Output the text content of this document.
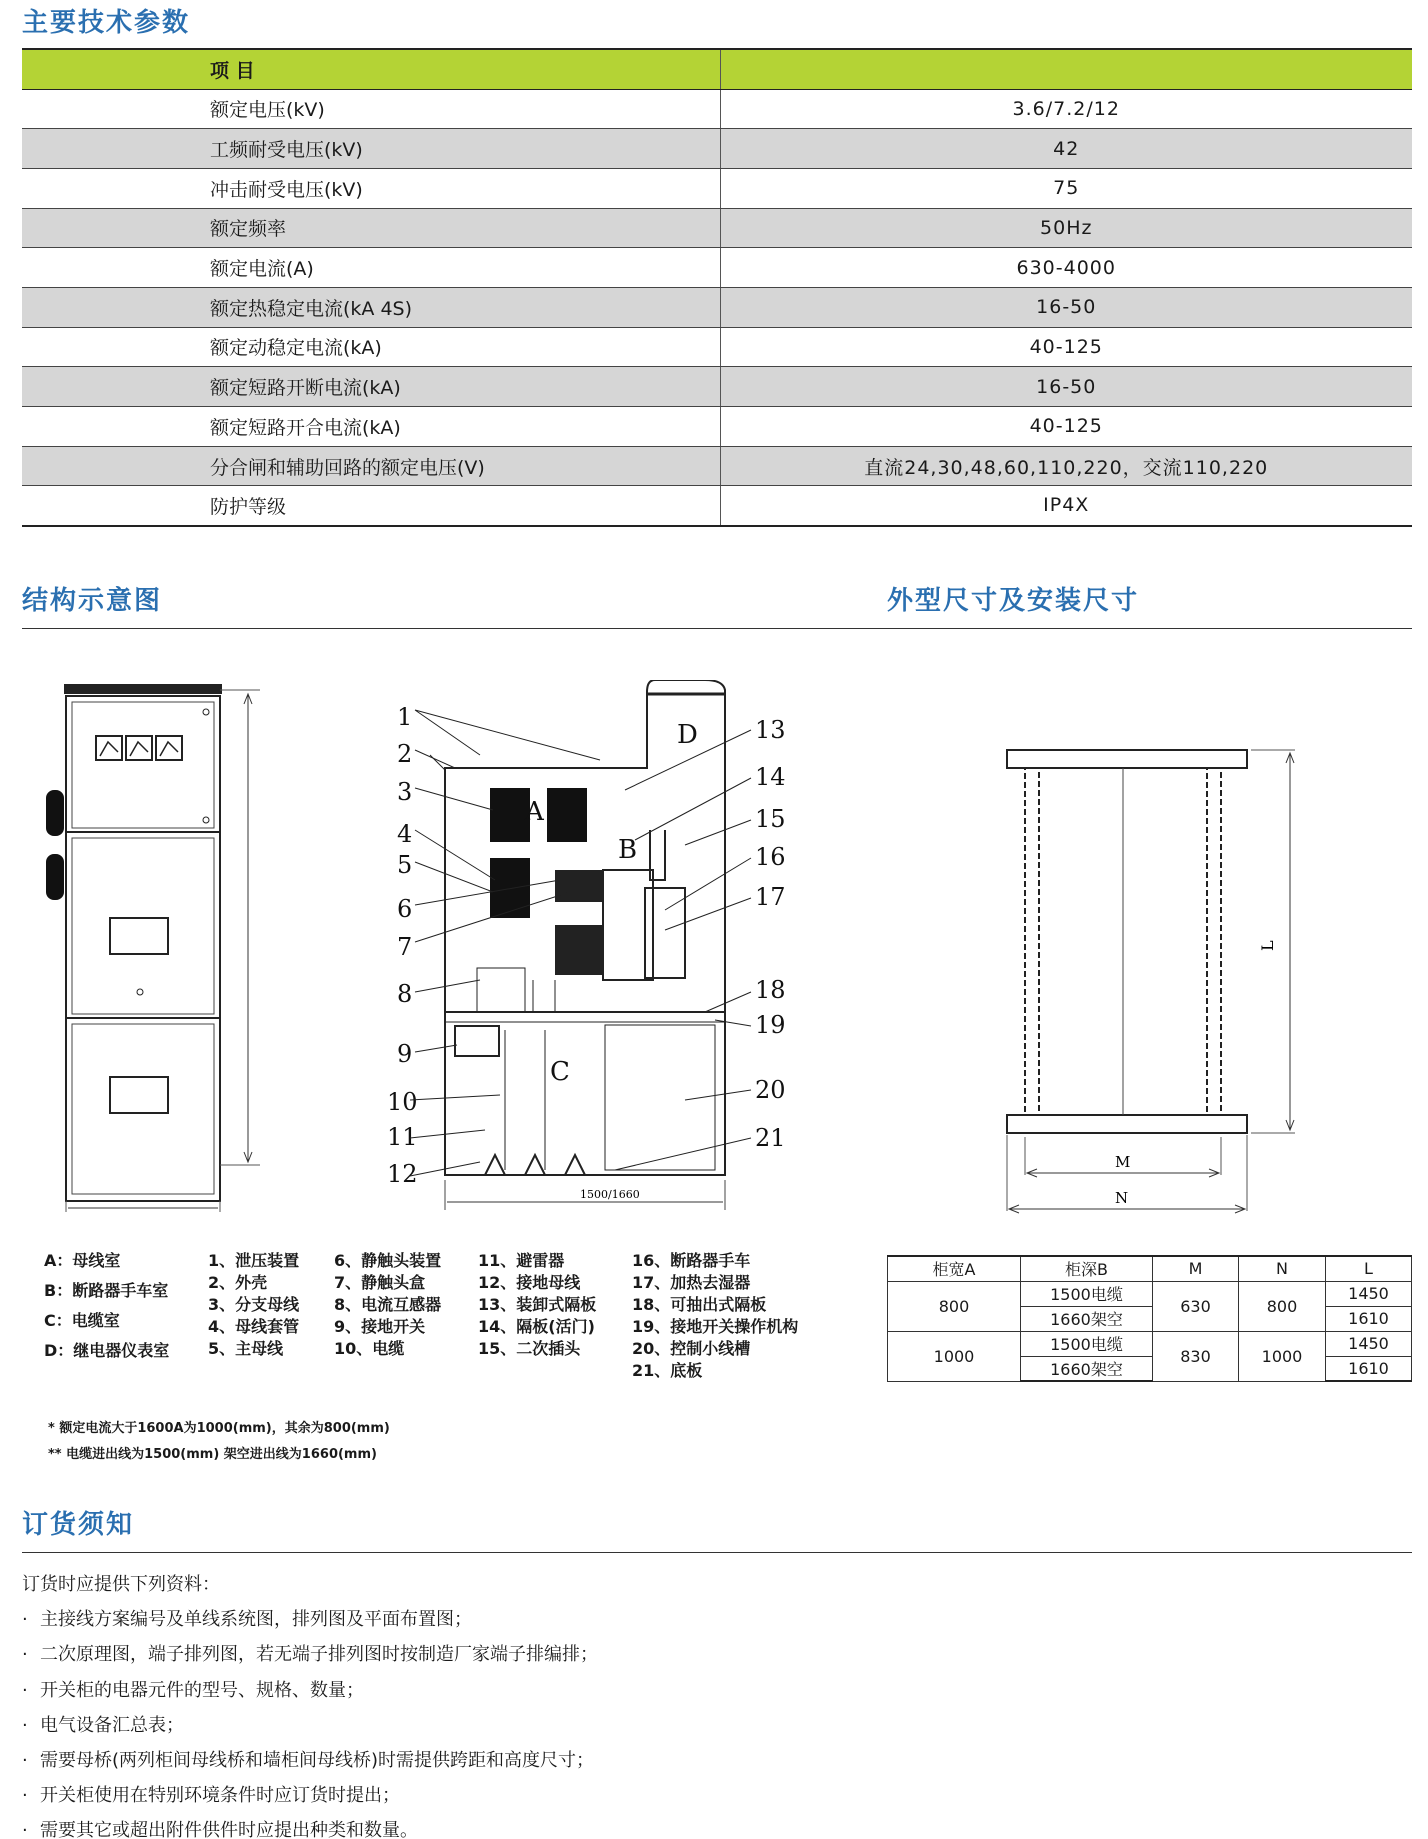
主要技术参数
项 目	
额定电压(kV)	3.6/7.2/12
工频耐受电压(kV)	42
冲击耐受电压(kV)	75
额定频率	50Hz
额定电流(A)	630-4000
额定热稳定电流(kA 4S)	16-50
额定动稳定电流(kA)	40-125
额定短路开断电流(kA)	16-50
额定短路开合电流(kA)	40-125
分合闸和辅助回路的额定电压(V)	直流24,30,48,60,110,220，交流110,220
防护等级	IP4X
结构示意图	外型尺寸及安装尺寸
D
A
B
C
1500/1660
1
2
3
4
5
6
7
8
9
10
11
12
13
14
15
16
17
18
19
20
21
L
M
N
A：母线室
B：断路器手车室
C：电缆室
D：继电器仪表室
1、泄压装置
2、外壳
3、分支母线
4、母线套管
5、主母线
6、静触头装置
7、静触头盒
8、电流互感器
9、接地开关
10、电缆
11、避雷器
12、接地母线
13、装卸式隔板
14、隔板(活门)
15、二次插头
16、断路器手车
17、加热去湿器
18、可抽出式隔板
19、接地开关操作机构
20、控制小线槽
21、底板
柜宽A	柜深B	M	N	L
800	1500电缆	630	800	1450
	1660架空			1610
1000	1500电缆	830	1000	1450
	1660架空			1610
* 额定电流大于1600A为1000(mm)，其余为800(mm)
** 电缆进出线为1500(mm) 架空进出线为1660(mm)
订货须知
订货时应提供下列资料：
· 主接线方案编号及单线系统图，排列图及平面布置图；
· 二次原理图，端子排列图，若无端子排列图时按制造厂家端子排编排；
· 开关柜的电器元件的型号、规格、数量；
· 电气设备汇总表；
· 需要母桥(两列柜间母线桥和墙柜间母线桥)时需提供跨距和高度尺寸；
· 开关柜使用在特别环境条件时应订货时提出；
· 需要其它或超出附件供件时应提出种类和数量。
